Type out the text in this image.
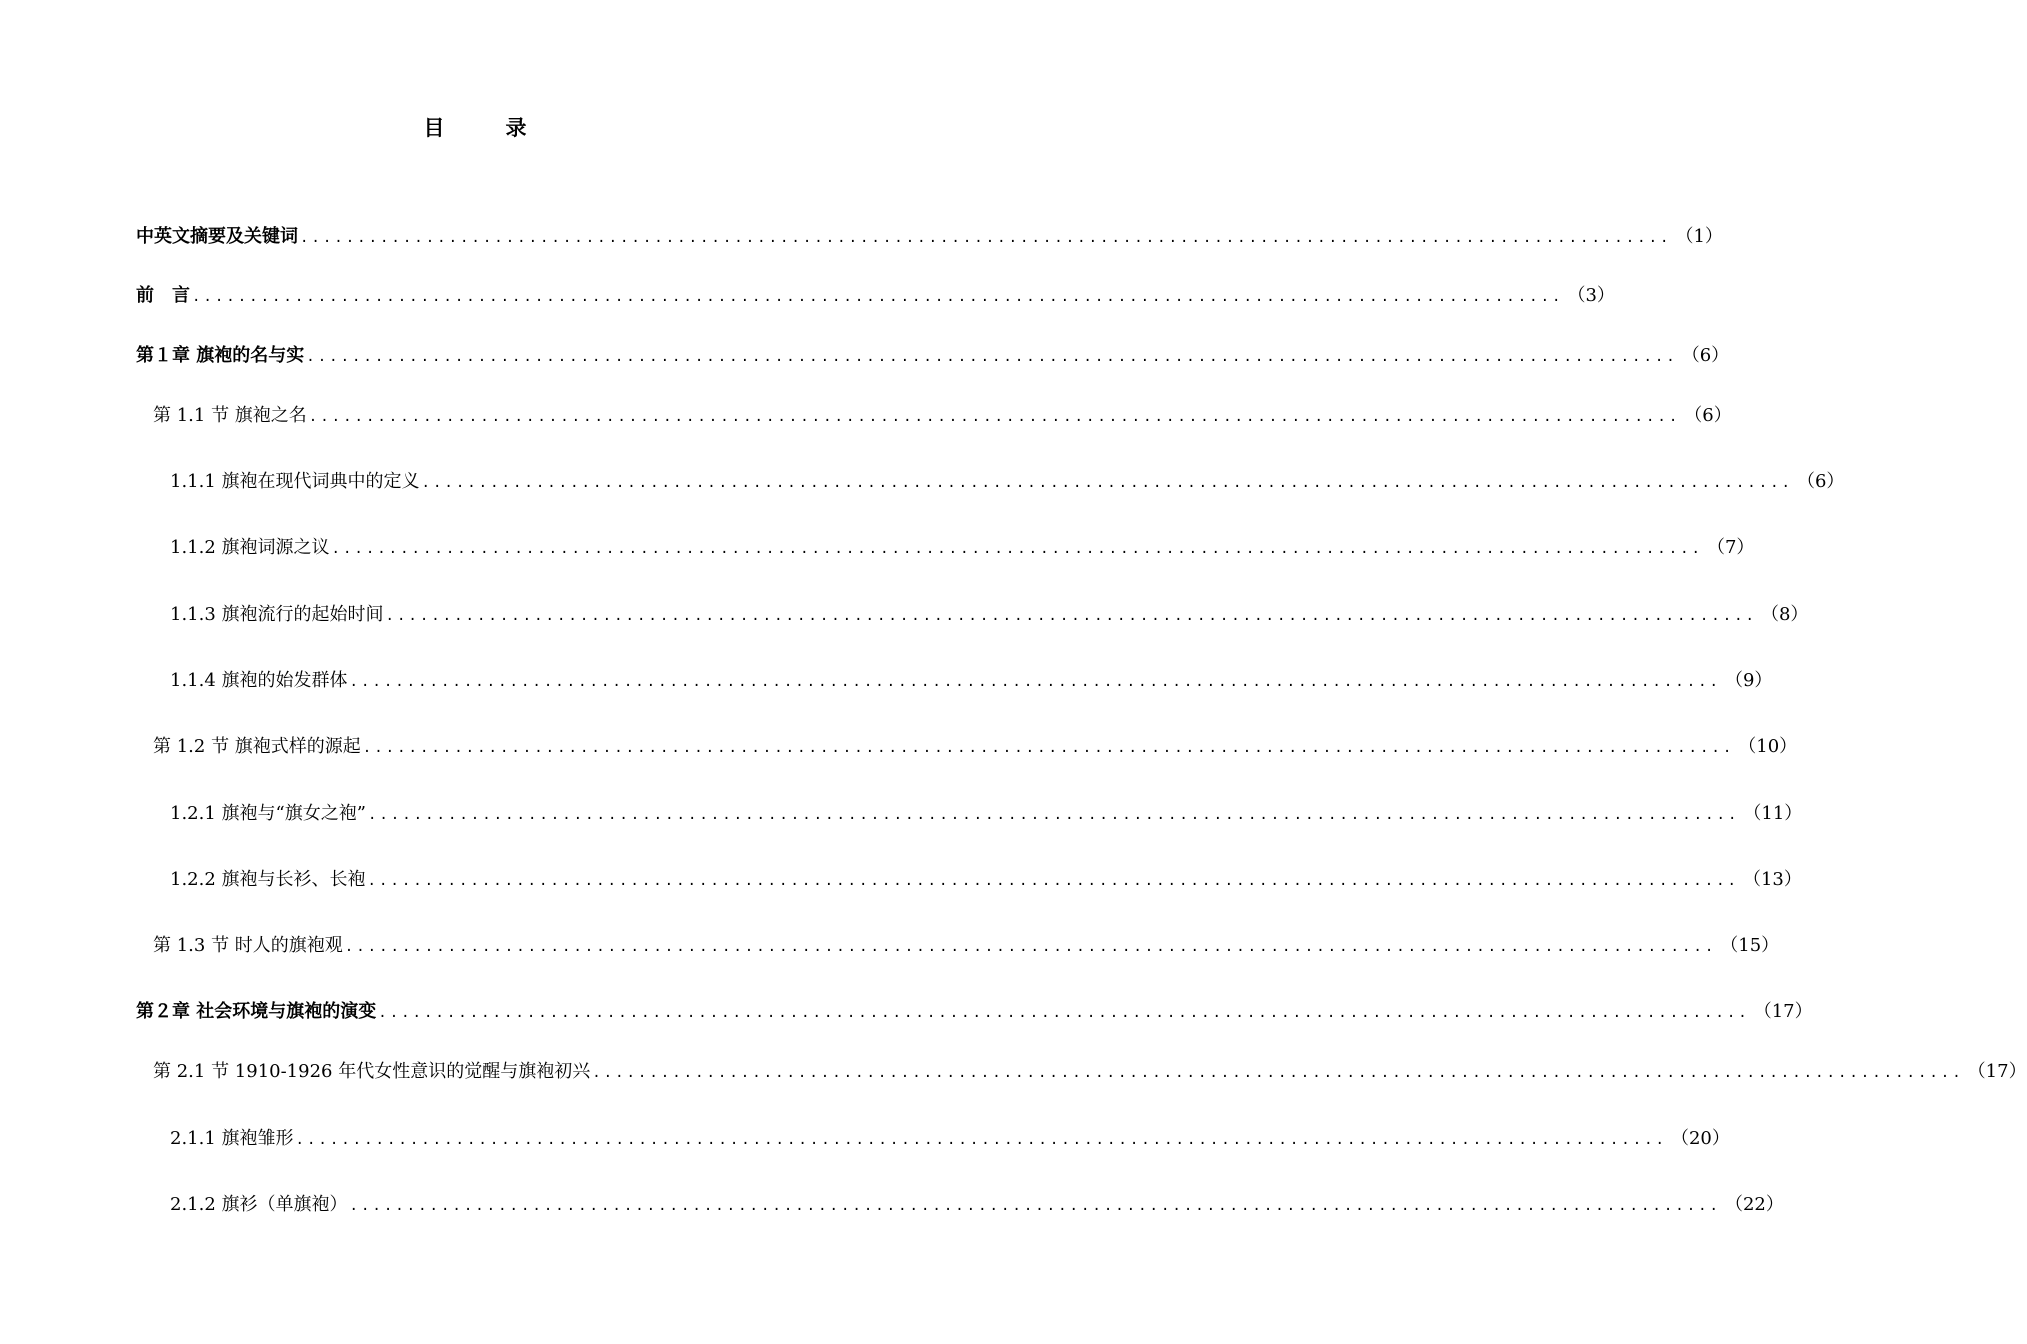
目　录
中英文摘要及关键词 ........................................................................................................................ （1）
前　言 ........................................................................................................................ （3）
第１章 旗袍的名与实 ........................................................................................................................ （6）
第 1.1 节 旗袍之名 ........................................................................................................................ （6）
1.1.1 旗袍在现代词典中的定义 ........................................................................................................................ （6）
1.1.2 旗袍词源之议 ........................................................................................................................ （7）
1.1.3 旗袍流行的起始时间 ........................................................................................................................ （8）
1.1.4 旗袍的始发群体 ........................................................................................................................ （9）
第 1.2 节 旗袍式样的源起 ........................................................................................................................ （10）
1.2.1 旗袍与“旗女之袍” ........................................................................................................................ （11）
1.2.2 旗袍与长衫、长袍 ........................................................................................................................ （13）
第 1.3 节 时人的旗袍观 ........................................................................................................................ （15）
第２章 社会环境与旗袍的演变 ........................................................................................................................ （17）
第 2.1 节 1910-1926 年代女性意识的觉醒与旗袍初兴 ........................................................................................................................ （17）
2.1.1 旗袍雏形 ........................................................................................................................ （20）
2.1.2 旗衫（单旗袍） ........................................................................................................................ （22）
